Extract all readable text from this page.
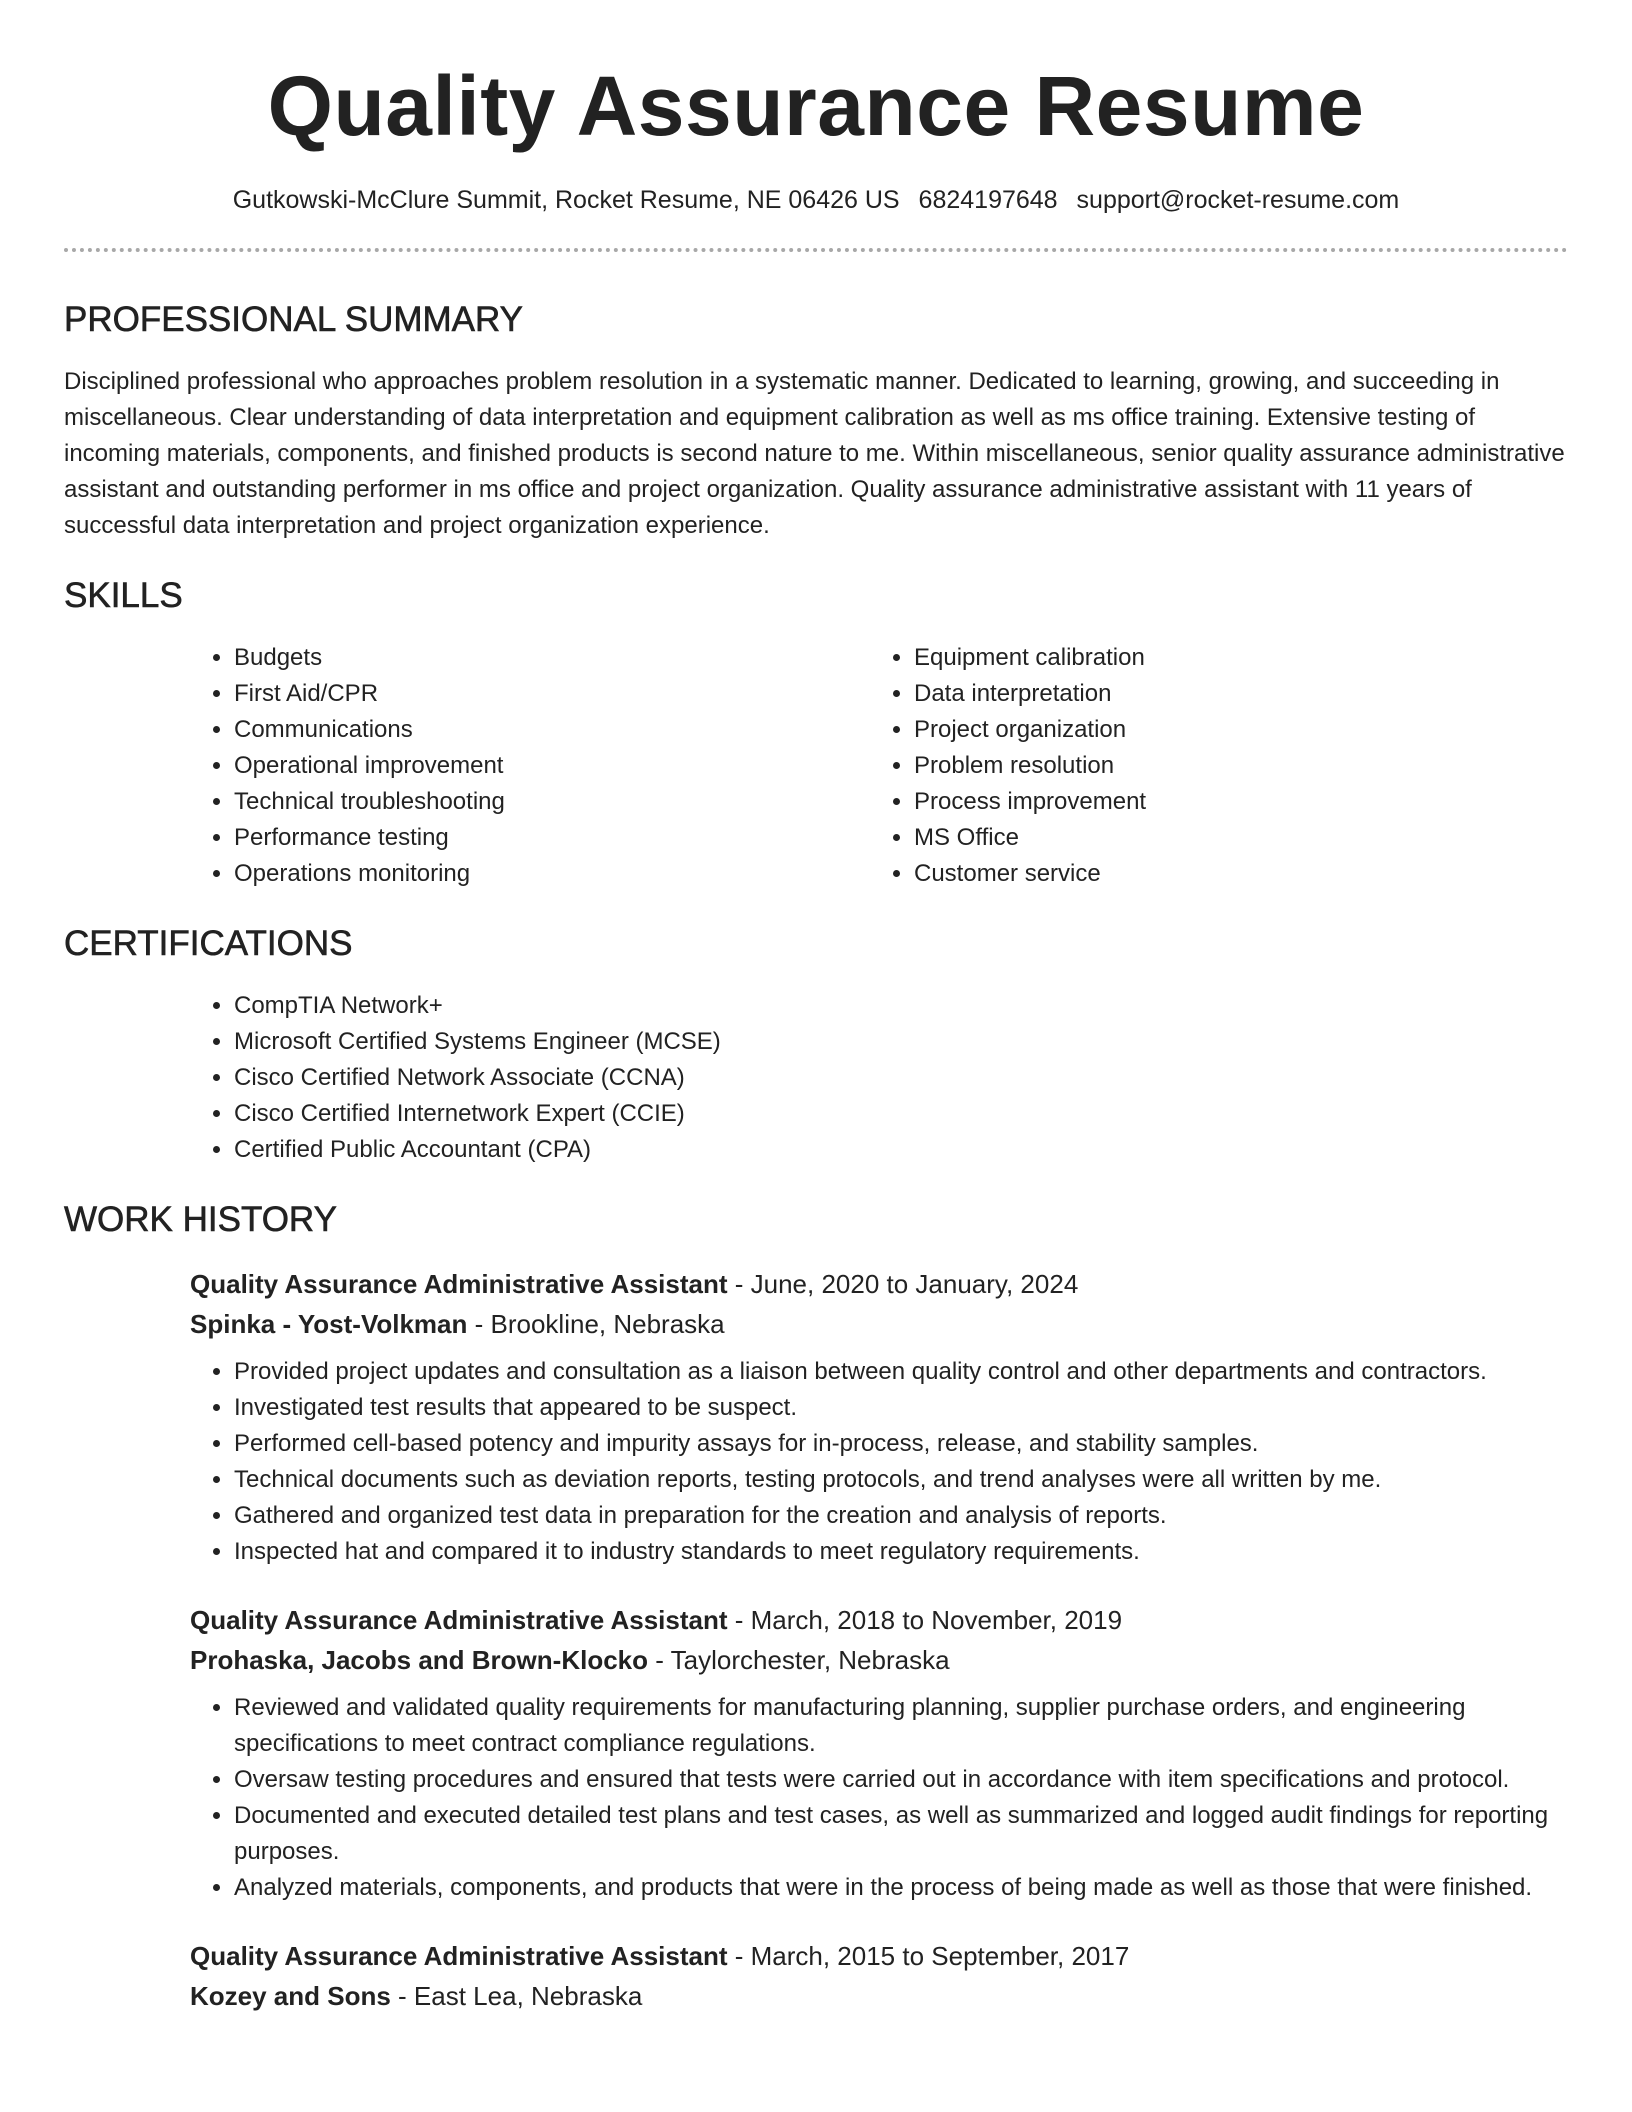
Quality Assurance Resume
Gutkowski-McClure Summit, Rocket Resume, NE 06426 US 6824197648 support@rocket-resume.com
PROFESSIONAL SUMMARY

Disciplined professional who approaches problem resolution in a systematic manner. Dedicated to learning, growing, and succeeding in miscellaneous. Clear understanding of data interpretation and equipment calibration as well as ms office training. Extensive testing of incoming materials, components, and finished products is second nature to me. Within miscellaneous, senior quality assurance administrative assistant and outstanding performer in ms office and project organization. Quality assurance administrative assistant with 11 years of successful data interpretation and project organization experience.

SKILLS
• Budgets
• First Aid/CPR
• Communications
• Operational improvement
• Technical troubleshooting
• Performance testing
• Operations monitoring
• Equipment calibration
• Data interpretation
• Project organization
• Problem resolution
• Process improvement
• MS Office
• Customer service
CERTIFICATIONS
• CompTIA Network+
• Microsoft Certified Systems Engineer (MCSE)
• Cisco Certified Network Associate (CCNA)
• Cisco Certified Internetwork Expert (CCIE)
• Certified Public Accountant (CPA)
WORK HISTORY
Quality Assurance Administrative Assistant - June, 2020 to January, 2024
Spinka - Yost-Volkman - Brookline, Nebraska
• Provided project updates and consultation as a liaison between quality control and other departments and contractors.
• Investigated test results that appeared to be suspect.
• Performed cell-based potency and impurity assays for in-process, release, and stability samples.
• Technical documents such as deviation reports, testing protocols, and trend analyses were all written by me.
• Gathered and organized test data in preparation for the creation and analysis of reports.
• Inspected hat and compared it to industry standards to meet regulatory requirements.
Quality Assurance Administrative Assistant - March, 2018 to November, 2019
Prohaska, Jacobs and Brown-Klocko - Taylorchester, Nebraska
• Reviewed and validated quality requirements for manufacturing planning, supplier purchase orders, and engineering specifications to meet contract compliance regulations.
• Oversaw testing procedures and ensured that tests were carried out in accordance with item specifications and protocol.
• Documented and executed detailed test plans and test cases, as well as summarized and logged audit findings for reporting purposes.
• Analyzed materials, components, and products that were in the process of being made as well as those that were finished.
Quality Assurance Administrative Assistant - March, 2015 to September, 2017
Kozey and Sons - East Lea, Nebraska
